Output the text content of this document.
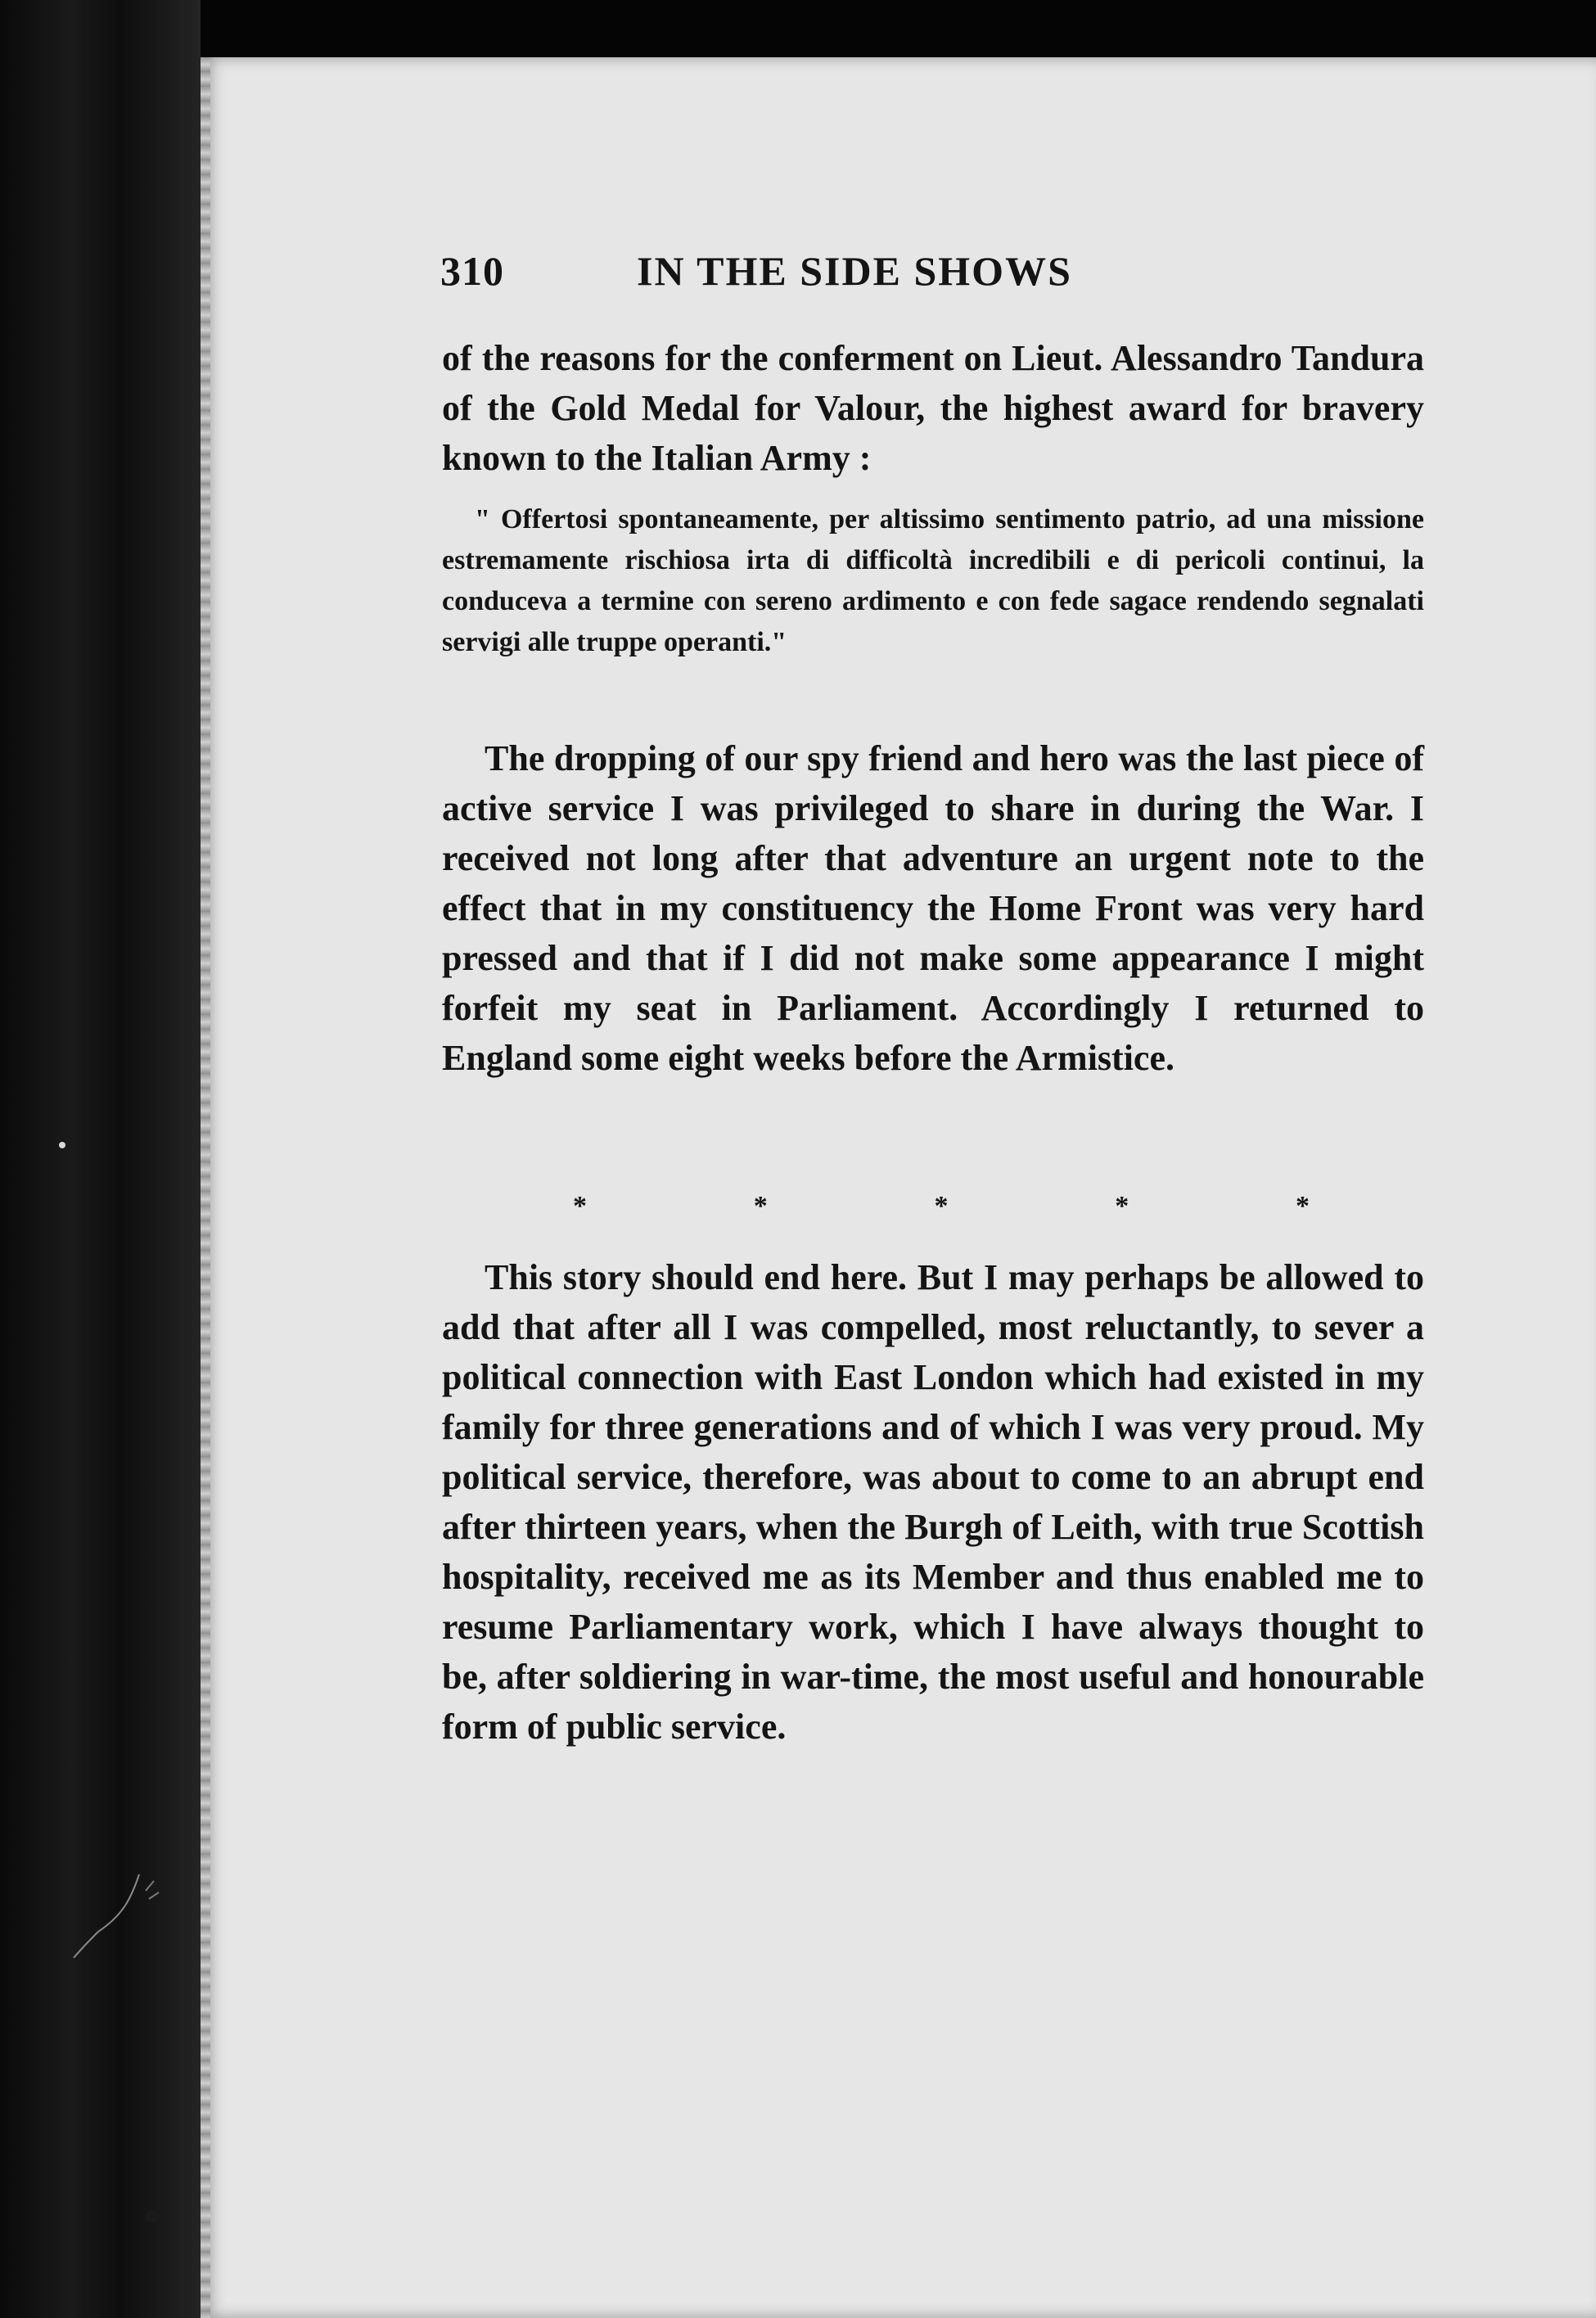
310	IN THE SIDE SHOWS

of the reasons for the conferment on Lieut. Alessandro Tandura of the Gold Medal for Valour, the highest award for bravery known to the Italian Army :

" Offertosi spontaneamente, per altissimo sentimento patrio, ad una missione estremamente rischiosa irta di difficoltà incredibili e di pericoli continui, la conduceva a termine con sereno ardimento e con fede sagace rendendo segnalati servigi alle truppe operanti."

The dropping of our spy friend and hero was the last piece of active service I was privileged to share in during the War. I received not long after that adventure an urgent note to the effect that in my constituency the Home Front was very hard pressed and that if I did not make some appearance I might forfeit my seat in Parliament. Accordingly I returned to England some eight weeks before the Armistice.

*	*	*	*	*

This story should end here. But I may perhaps be allowed to add that after all I was compelled, most reluctantly, to sever a political connection with East London which had existed in my family for three generations and of which I was very proud. My political service, therefore, was about to come to an abrupt end after thirteen years, when the Burgh of Leith, with true Scottish hospitality, received me as its Member and thus enabled me to resume Parliamentary work, which I have always thought to be, after soldiering in war-time, the most useful and honourable form of public service.
